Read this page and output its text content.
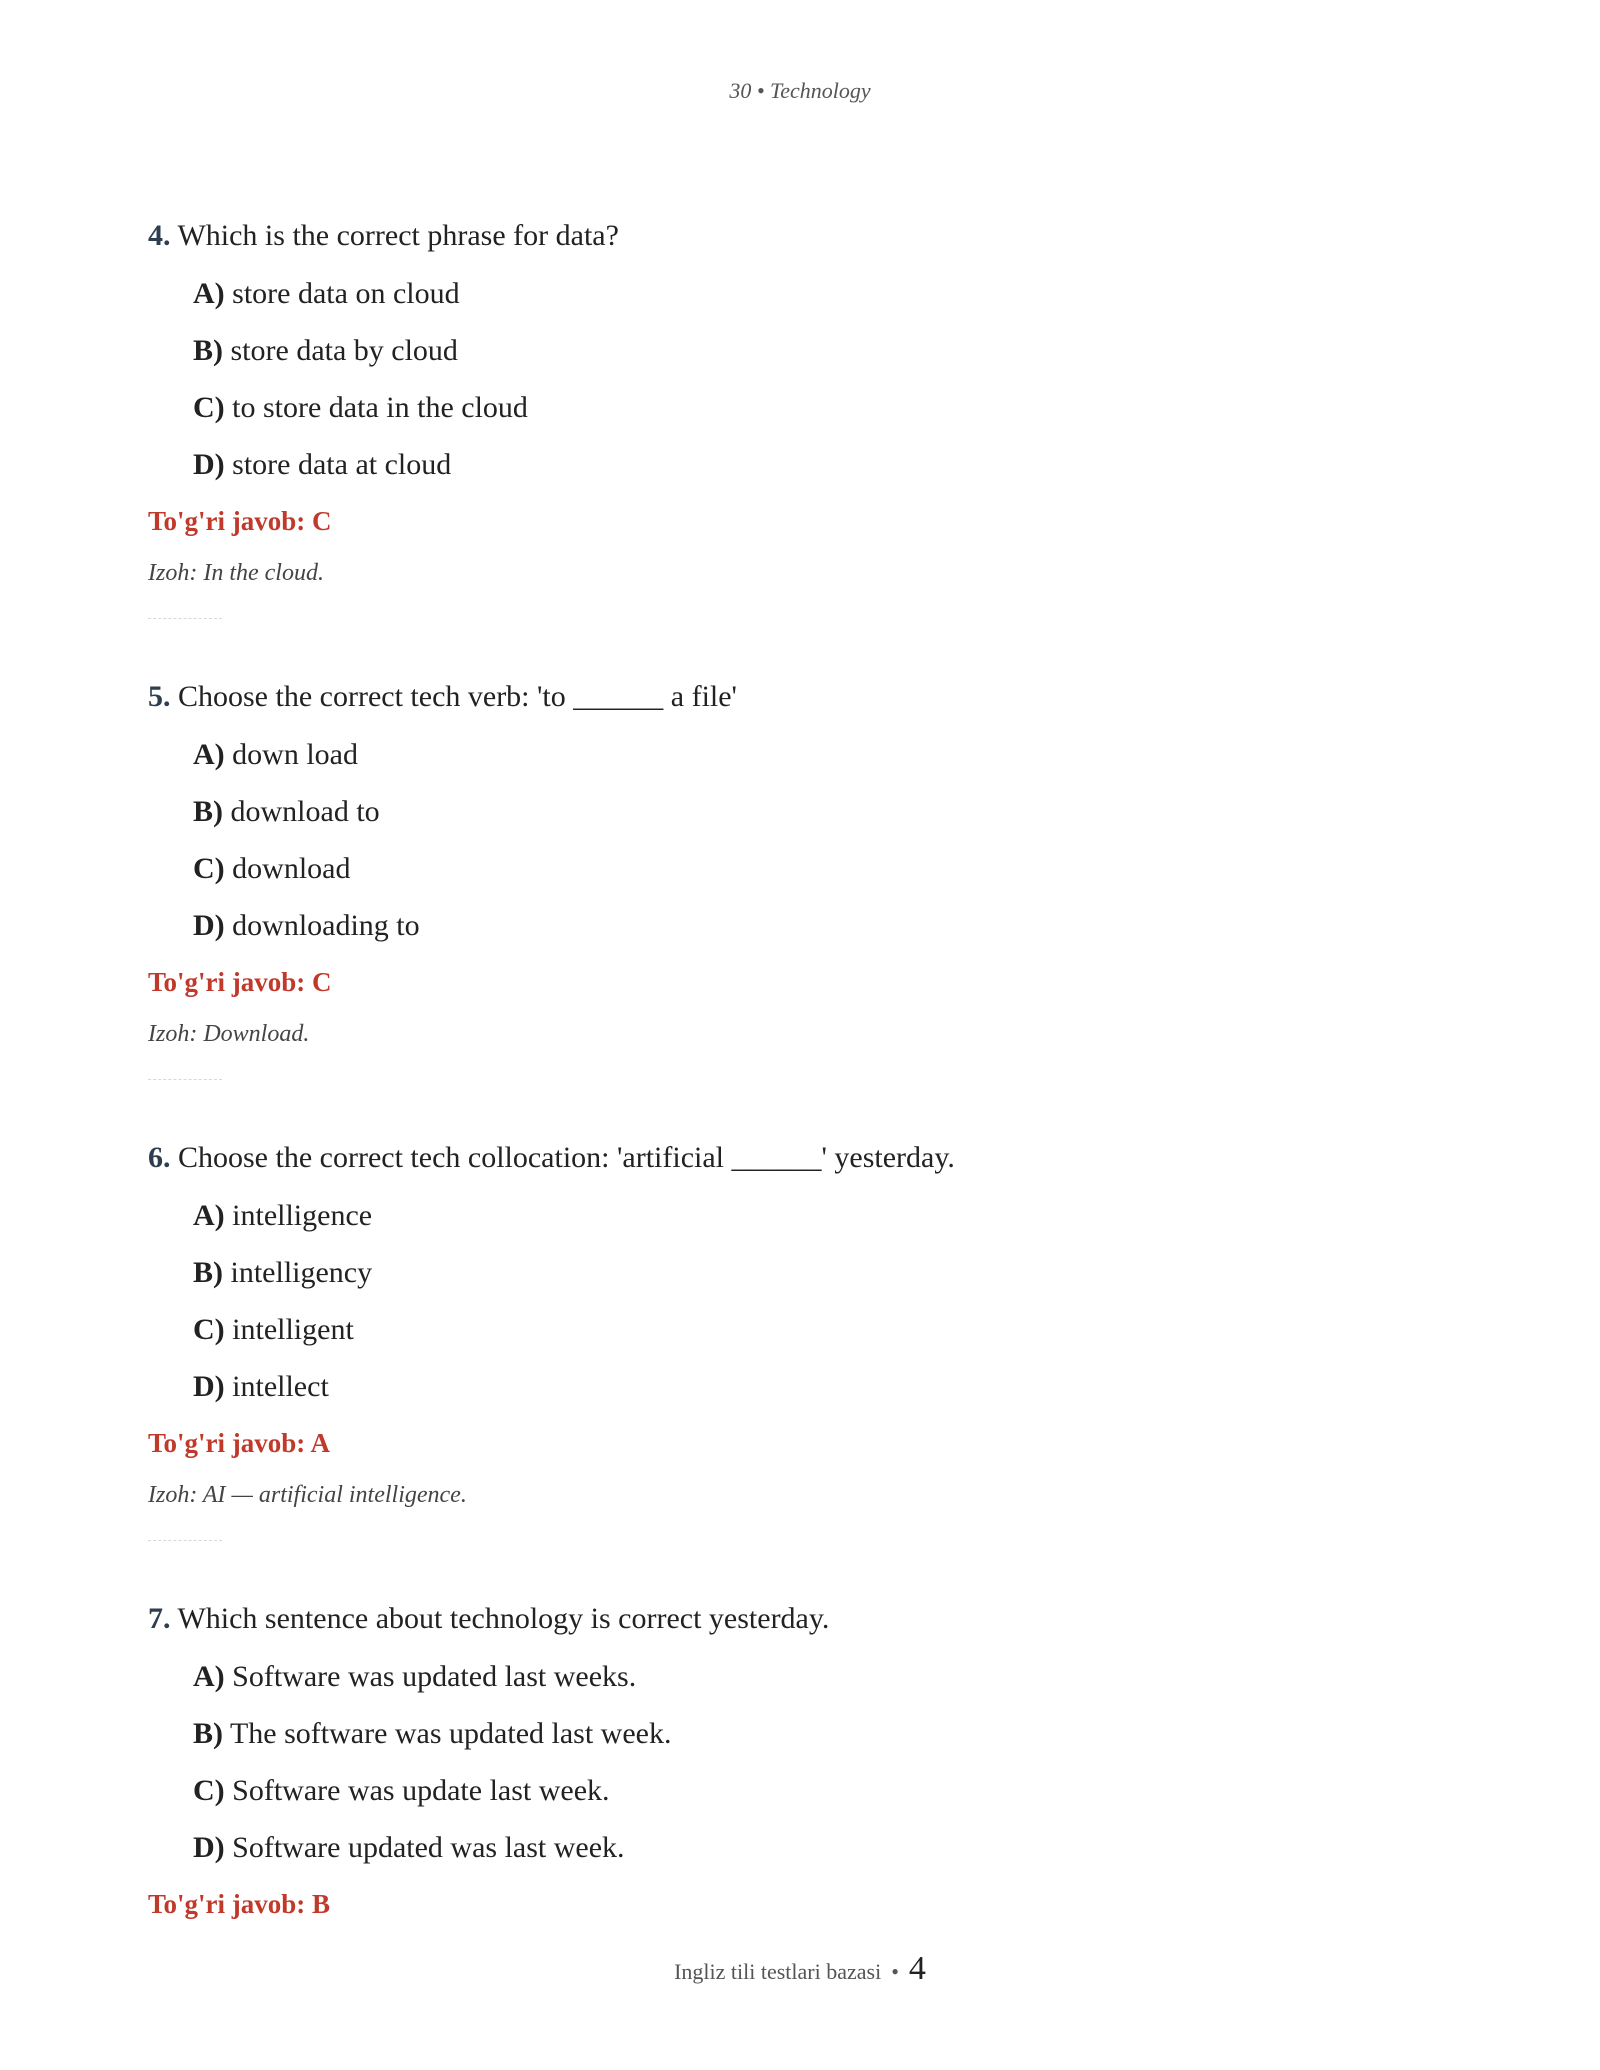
30 • Technology

4. Which is the correct phrase for data?

A) store data on cloud

B) store data by cloud

C) to store data in the cloud

D) store data at cloud

To'g'ri javob: C

Izoh: In the cloud.

5. Choose the correct tech verb: 'to ______ a file'

A) down load

B) download to

C) download

D) downloading to

To'g'ri javob: C

Izoh: Download.

6. Choose the correct tech collocation: 'artificial ______' yesterday.

A) intelligence

B) intelligency

C) intelligent

D) intellect

To'g'ri javob: A

Izoh: AI — artificial intelligence.

7. Which sentence about technology is correct yesterday.

A) Software was updated last weeks.

B) The software was updated last week.

C) Software was update last week.

D) Software updated was last week.

To'g'ri javob: B

Ingliz tili testlari bazasi • 4
